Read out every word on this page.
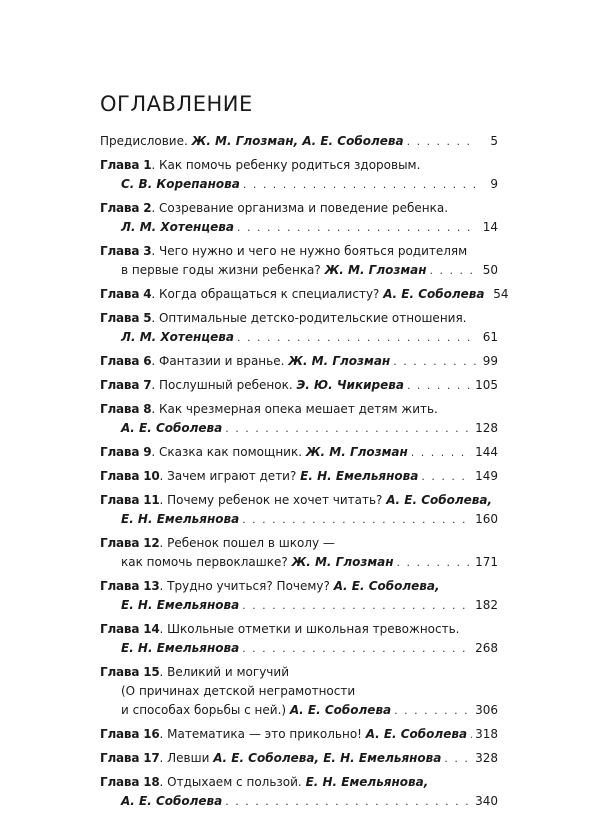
ОГЛАВЛЕНИЕ
Предисловие. Ж. М. Глозман, А. Е. Соболева . . .	5
Глава 1. Как помочь ребенку родиться здоровым.
С. В. Корепанова . . .	9
Глава 2. Созревание организма и поведение ребенка.
Л. М. Хотенцева . . .	14
Глава 3. Чего нужно и чего не нужно бояться родителям
в первые годы жизни ребенка? Ж. М. Глозман . . .	50
Глава 4. Когда обращаться к специалисту? А. Е. Соболева 54
Глава 5. Оптимальные детско-родительские отношения.
Л. М. Хотенцева . . .	61
Глава 6. Фантазии и вранье. Ж. М. Глозман . . .	99
Глава 7. Послушный ребенок. Э. Ю. Чикирева . . .	105
Глава 8. Как чрезмерная опека мешает детям жить.
А. Е. Соболева . . .	128
Глава 9. Сказка как помощник. Ж. М. Глозман . . .	144
Глава 10. Зачем играют дети? Е. Н. Емельянова . . .	149
Глава 11. Почему ребенок не хочет читать? А. Е. Соболева,
Е. Н. Емельянова . . .	160
Глава 12. Ребенок пошел в школу —
как помочь первоклашке? Ж. М. Глозман . . .	171
Глава 13. Трудно учиться? Почему? А. Е. Соболева,
Е. Н. Емельянова . . .	182
Глава 14. Школьные отметки и школьная тревожность.
Е. Н. Емельянова . . .	268
Глава 15. Великий и могучий
(О причинах детской неграмотности
и способах борьбы с ней.) А. Е. Соболева . . .	306
Глава 16. Математика — это прикольно! А. Е. Соболева . . . 318
Глава 17. Левши А. Е. Соболева, Е. Н. Емельянова . . .	328
Глава 18. Отдыхаем с пользой. Е. Н. Емельянова,
А. Е. Соболева . . .	340
